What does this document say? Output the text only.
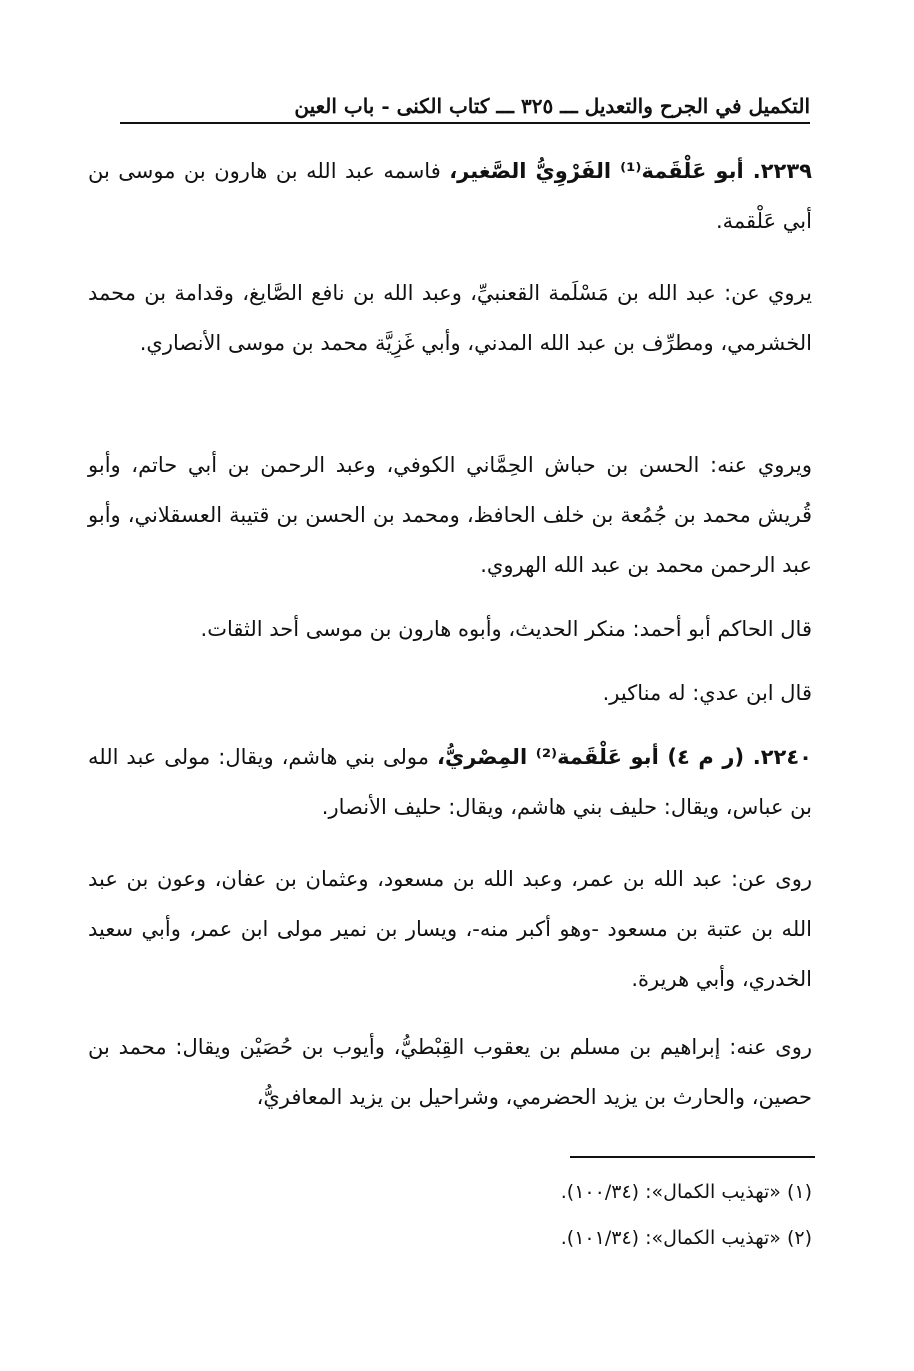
التكميل في الجرح والتعديل ـــ ٣٢٥ ـــ كتاب الكنى - باب العين
٢٢٣٩. أبو عَلْقَمة⁽¹⁾ الفَرْوِيُّ الصَّغير، فاسمه عبد الله بن هارون بن موسى بن أبي عَلْقمة.
يروي عن: عبد الله بن مَسْلَمة القعنبيِّ، وعبد الله بن نافع الصَّايغ، وقدامة بن محمد الخشرمي، ومطرِّف بن عبد الله المدني، وأبي غَزِيَّة محمد بن موسى الأنصاري.
ويروي عنه: الحسن بن حباش الحِمَّاني الكوفي، وعبد الرحمن بن أبي حاتم، وأبو قُريش محمد بن جُمُعة بن خلف الحافظ، ومحمد بن الحسن بن قتيبة العسقلاني، وأبو عبد الرحمن محمد بن عبد الله الهروي.
قال الحاكم أبو أحمد: منكر الحديث، وأبوه هارون بن موسى أحد الثقات.
قال ابن عدي: له مناكير.
٢٢٤٠. (ر م ٤) أبو عَلْقَمة⁽²⁾ المِصْريُّ، مولى بني هاشم، ويقال: مولى عبد الله بن عباس، ويقال: حليف بني هاشم، ويقال: حليف الأنصار.
روى عن: عبد الله بن عمر، وعبد الله بن مسعود، وعثمان بن عفان، وعون بن عبد الله بن عتبة بن مسعود -وهو أكبر منه-، ويسار بن نمير مولى ابن عمر، وأبي سعيد الخدري، وأبي هريرة.
روى عنه: إبراهيم بن مسلم بن يعقوب القِبْطيُّ، وأيوب بن حُصَيْن ويقال: محمد بن حصين، والحارث بن يزيد الحضرمي، وشراحيل بن يزيد المعافريُّ،
(١) «تهذيب الكمال»: (١٠٠/٣٤).
(٢) «تهذيب الكمال»: (١٠١/٣٤).
